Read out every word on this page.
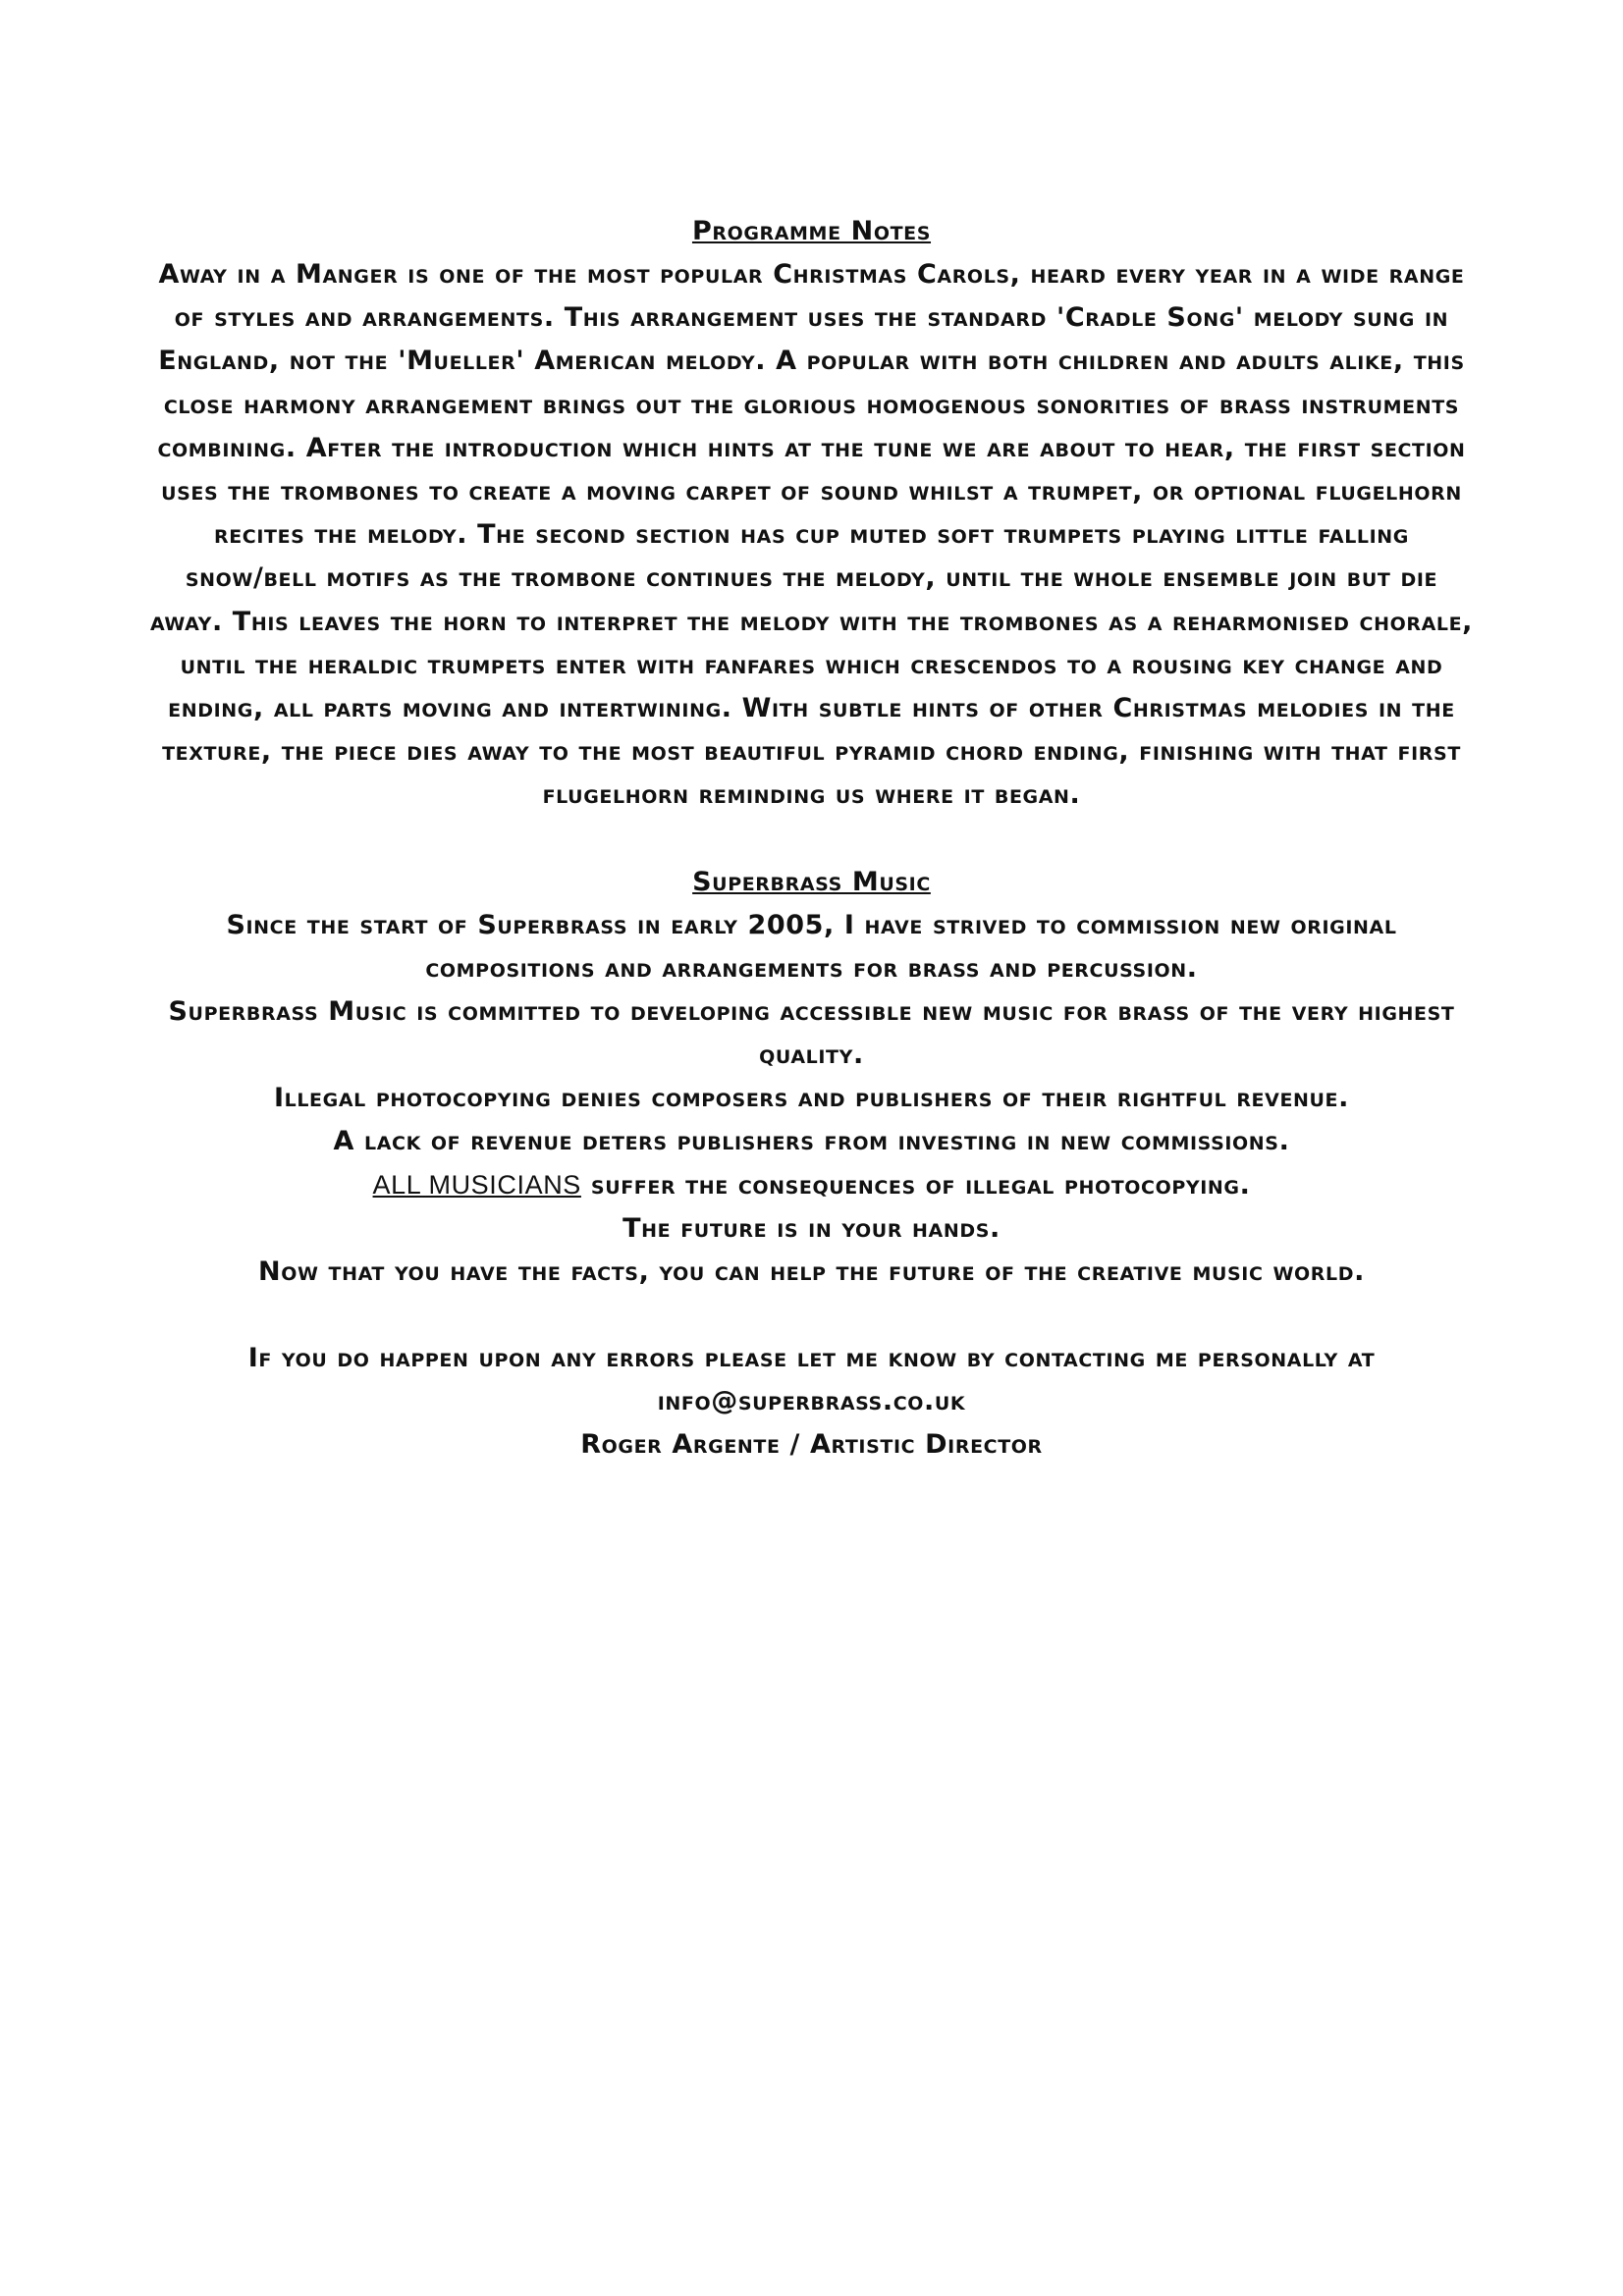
Programme Notes

Away in a Manger is one of the most popular Christmas Carols, heard every year in a wide range of styles and arrangements. This arrangement uses the standard 'Cradle Song' melody sung in England, not the 'Mueller' American melody. A popular with both children and adults alike, this close harmony arrangement brings out the glorious homogenous sonorities of brass instruments combining. After the introduction which hints at the tune we are about to hear, the first section uses the trombones to create a moving carpet of sound whilst a trumpet, or optional flugelhorn recites the melody. The second section has cup muted soft trumpets playing little falling snow/bell motifs as the trombone continues the melody, until the whole ensemble join but die away. This leaves the horn to interpret the melody with the trombones as a reharmonised chorale, until the heraldic trumpets enter with fanfares which crescendos to a rousing key change and ending, all parts moving and intertwining. With subtle hints of other Christmas melodies in the texture, the piece dies away to the most beautiful pyramid chord ending, finishing with that first flugelhorn reminding us where it began.

Superbrass Music

Since the start of Superbrass in early 2005, I have strived to commission new original compositions and arrangements for brass and percussion.

Superbrass Music is committed to developing accessible new music for brass of the very highest quality.

Illegal photocopying denies composers and publishers of their rightful revenue.

A lack of revenue deters publishers from investing in new commissions.

ALL MUSICIANS suffer the consequences of illegal photocopying.

The future is in your hands.

Now that you have the facts, you can help the future of the creative music world.

If you do happen upon any errors please let me know by contacting me personally at

info@superbrass.co.uk

Roger Argente / Artistic Director
